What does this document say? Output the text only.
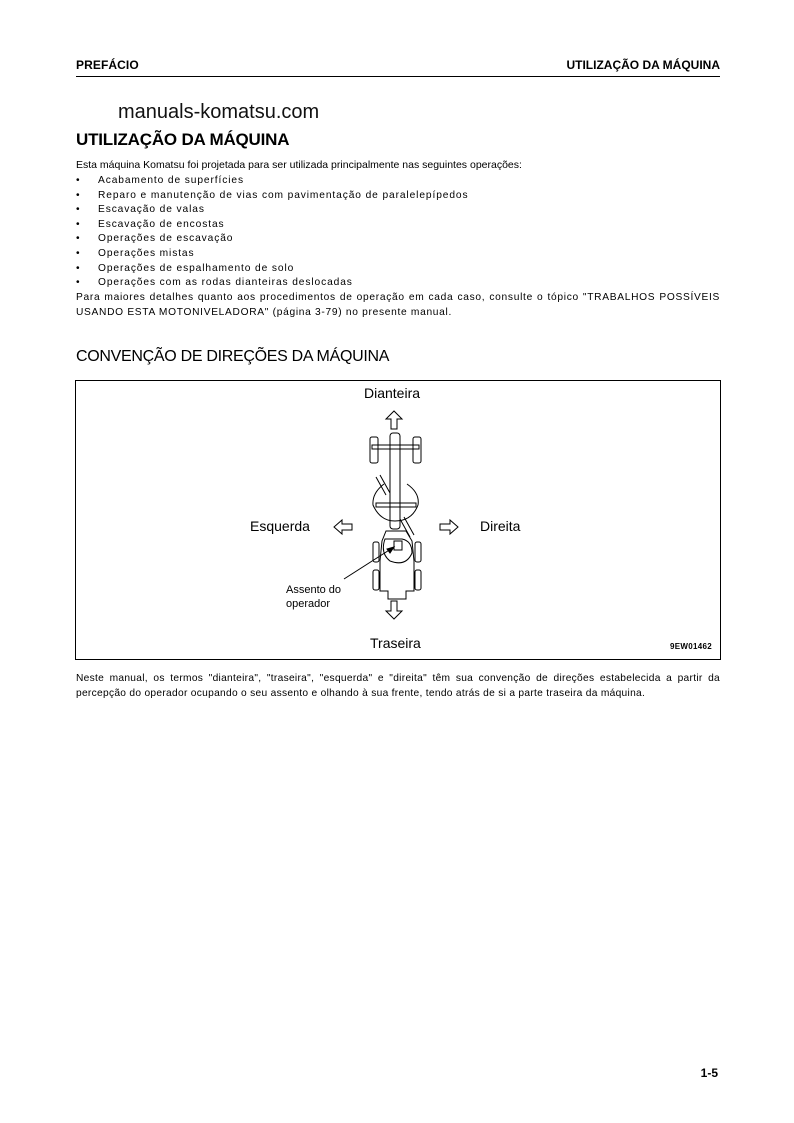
PREFÁCIO	UTILIZAÇÃO DA MÁQUINA
manuals-komatsu.com
UTILIZAÇÃO DA MÁQUINA
Esta máquina Komatsu foi projetada para ser utilizada principalmente nas seguintes operações:
• Acabamento de superfícies
• Reparo e manutenção de vias com pavimentação de paralelepípedos
• Escavação de valas
• Escavação de encostas
• Operações de escavação
• Operações mistas
• Operações de espalhamento de solo
• Operações com as rodas dianteiras deslocadas
Para maiores detalhes quanto aos procedimentos de operação em cada caso, consulte o tópico "TRABALHOS POSSÍVEIS USANDO ESTA MOTONIVELADORA" (página 3-79) no presente manual.
CONVENÇÃO DE DIREÇÕES DA MÁQUINA
Dianteira
Esquerda	Direita
Traseira
Assento do
operador
9EW01462
Neste manual, os termos "dianteira", "traseira", "esquerda" e "direita" têm sua convenção de direções estabelecida a partir da percepção do operador ocupando o seu assento e olhando à sua frente, tendo atrás de si a parte traseira da máquina.
1-5
